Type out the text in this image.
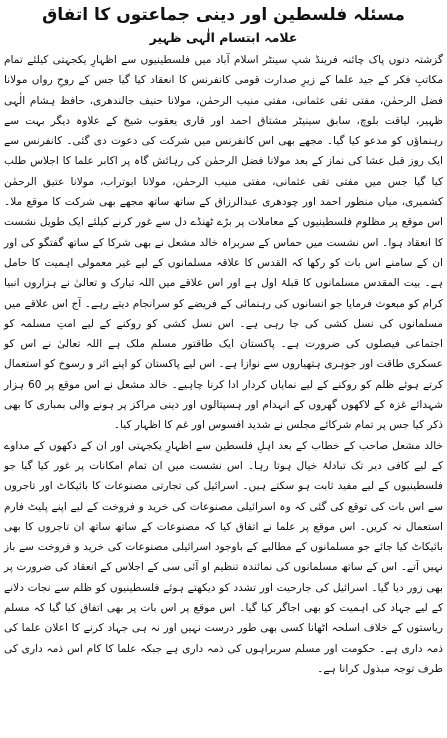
مسئلہ فلسطین اور دینی جماعتوں کا اتفاق
علامہ ابتسام الٰہی ظہیر

گزشتہ دنوں پاک چائنہ فرینڈ شپ سینٹر اسلام آباد میں فلسطینیوں سے اظہارِ یکجہتی کیلئے تمام مکاتبِ فکر کے جید علما کے زیرِ صدارت قومی کانفرنس کا انعقاد کیا گیا جس کے روحِ رواں مولانا فضل الرحمٰن، مفتی تقی عثمانی، مفتی منیب الرحمٰن، مولانا حنیف جالندھری، حافظ ہشام الٰہی ظہیر، لیاقت بلوچ، سابق سینیٹر مشتاق احمد اور قاری یعقوب شیخ کے علاوہ دیگر بہت سے رہنماؤں کو مدعو کیا گیا۔ مجھے بھی اس کانفرنس میں شرکت کی دعوت دی گئی۔ کانفرنس سے ایک روز قبل عشا کی نماز کے بعد مولانا فضل الرحمٰن کی رہائش گاہ پر اکابر علما کا اجلاس طلب کیا گیا جس میں مفتی تقی عثمانی، مفتی منیب الرحمٰن، مولانا ابوتراب، مولانا عتیق الرحمٰن کشمیری، میاں منظور احمد اور چودھری عبدالرزاق کے ساتھ ساتھ مجھے بھی شرکت کا موقع ملا۔ اس موقع پر مظلوم فلسطینیوں کے معاملات پر بڑے ٹھنڈے دل سے غور کرنے کیلئے ایک طویل نشست کا انعقاد ہوا۔ اس نشست میں حماس کے سربراہ خالد مشعل نے بھی شرکا کے ساتھ گفتگو کی اور ان کے سامنے اس بات کو رکھا کہ القدس کا علاقہ مسلمانوں کے لیے غیر معمولی اہمیت کا حامل ہے۔ بیت المقدس مسلمانوں کا قبلۂ اول ہے اور اس علاقے میں اللہ تبارک و تعالیٰ نے ہزاروں انبیا کرام کو مبعوث فرمایا جو انسانوں کی رہنمائی کے فریضے کو سرانجام دیتے رہے۔ آج اس علاقے میں مسلمانوں کی نسل کشی کی جا رہی ہے۔ اس نسل کشی کو روکنے کے لیے امتِ مسلمہ کو اجتماعی فیصلوں کی ضرورت ہے۔ پاکستان ایک طاقتور مسلم ملک ہے اللہ تعالیٰ نے اس کو عسکری طاقت اور جوہری ہتھیاروں سے نوازا ہے۔ اس لیے پاکستان کو اپنے اثر و رسوخ کو استعمال کرتے ہوئے ظلم کو روکنے کے لیے نمایاں کردار ادا کرنا چاہیے۔ خالد مشعل نے اس موقع پر 60 ہزار شہدائے غزہ کے لاکھوں گھروں کے انہدام اور ہسپتالوں اور دینی مراکز پر ہونے والی بمباری کا بھی ذکر کیا جس پر تمام شرکائے مجلس نے شدید افسوس اور غم کا اظہار کیا۔

خالد مشعل صاحب کے خطاب کے بعد اہلِ فلسطین سے اظہارِ یکجہتی اور ان کے دکھوں کے مداوے کے لیے کافی دیر تک تبادلۂ خیال ہوتا رہا۔ اس نشست میں ان تمام امکانات پر غور کیا گیا جو فلسطینیوں کے لیے مفید ثابت ہو سکتے ہیں۔ اسرائیل کی تجارتی مصنوعات کا بائیکاٹ اور تاجروں سے اس بات کی توقع کی گئی کہ وہ اسرائیلی مصنوعات کی خرید و فروخت کے لیے اپنے پلیٹ فارم استعمال نہ کریں۔ اس موقع پر علما نے اتفاق کیا کہ مصنوعات کے ساتھ ساتھ ان تاجروں کا بھی بائیکاٹ کیا جائے جو مسلمانوں کے مطالبے کے باوجود اسرائیلی مصنوعات کی خرید و فروخت سے باز نہیں آتے۔ اس کے ساتھ مسلمانوں کی نمائندہ تنظیم او آئی سی کے اجلاس کے انعقاد کی ضرورت پر بھی زور دیا گیا۔ اسرائیل کی جارحیت اور تشدد کو دیکھتے ہوئے فلسطینیوں کو ظلم سے نجات دلانے کے لیے جہاد کی اہمیت کو بھی اجاگر کیا گیا۔ اس موقع پر اس بات پر بھی اتفاق کیا گیا کہ مسلم ریاستوں کے خلاف اسلحہ اٹھانا کسی بھی طور درست نہیں اور نہ ہی جہاد کرنے کا اعلان علما کی ذمہ داری ہے۔ حکومت اور مسلم سربراہوں کی ذمہ داری ہے جبکہ علما کا کام اس ذمہ داری کی طرف توجہ مبذول کرانا ہے۔
